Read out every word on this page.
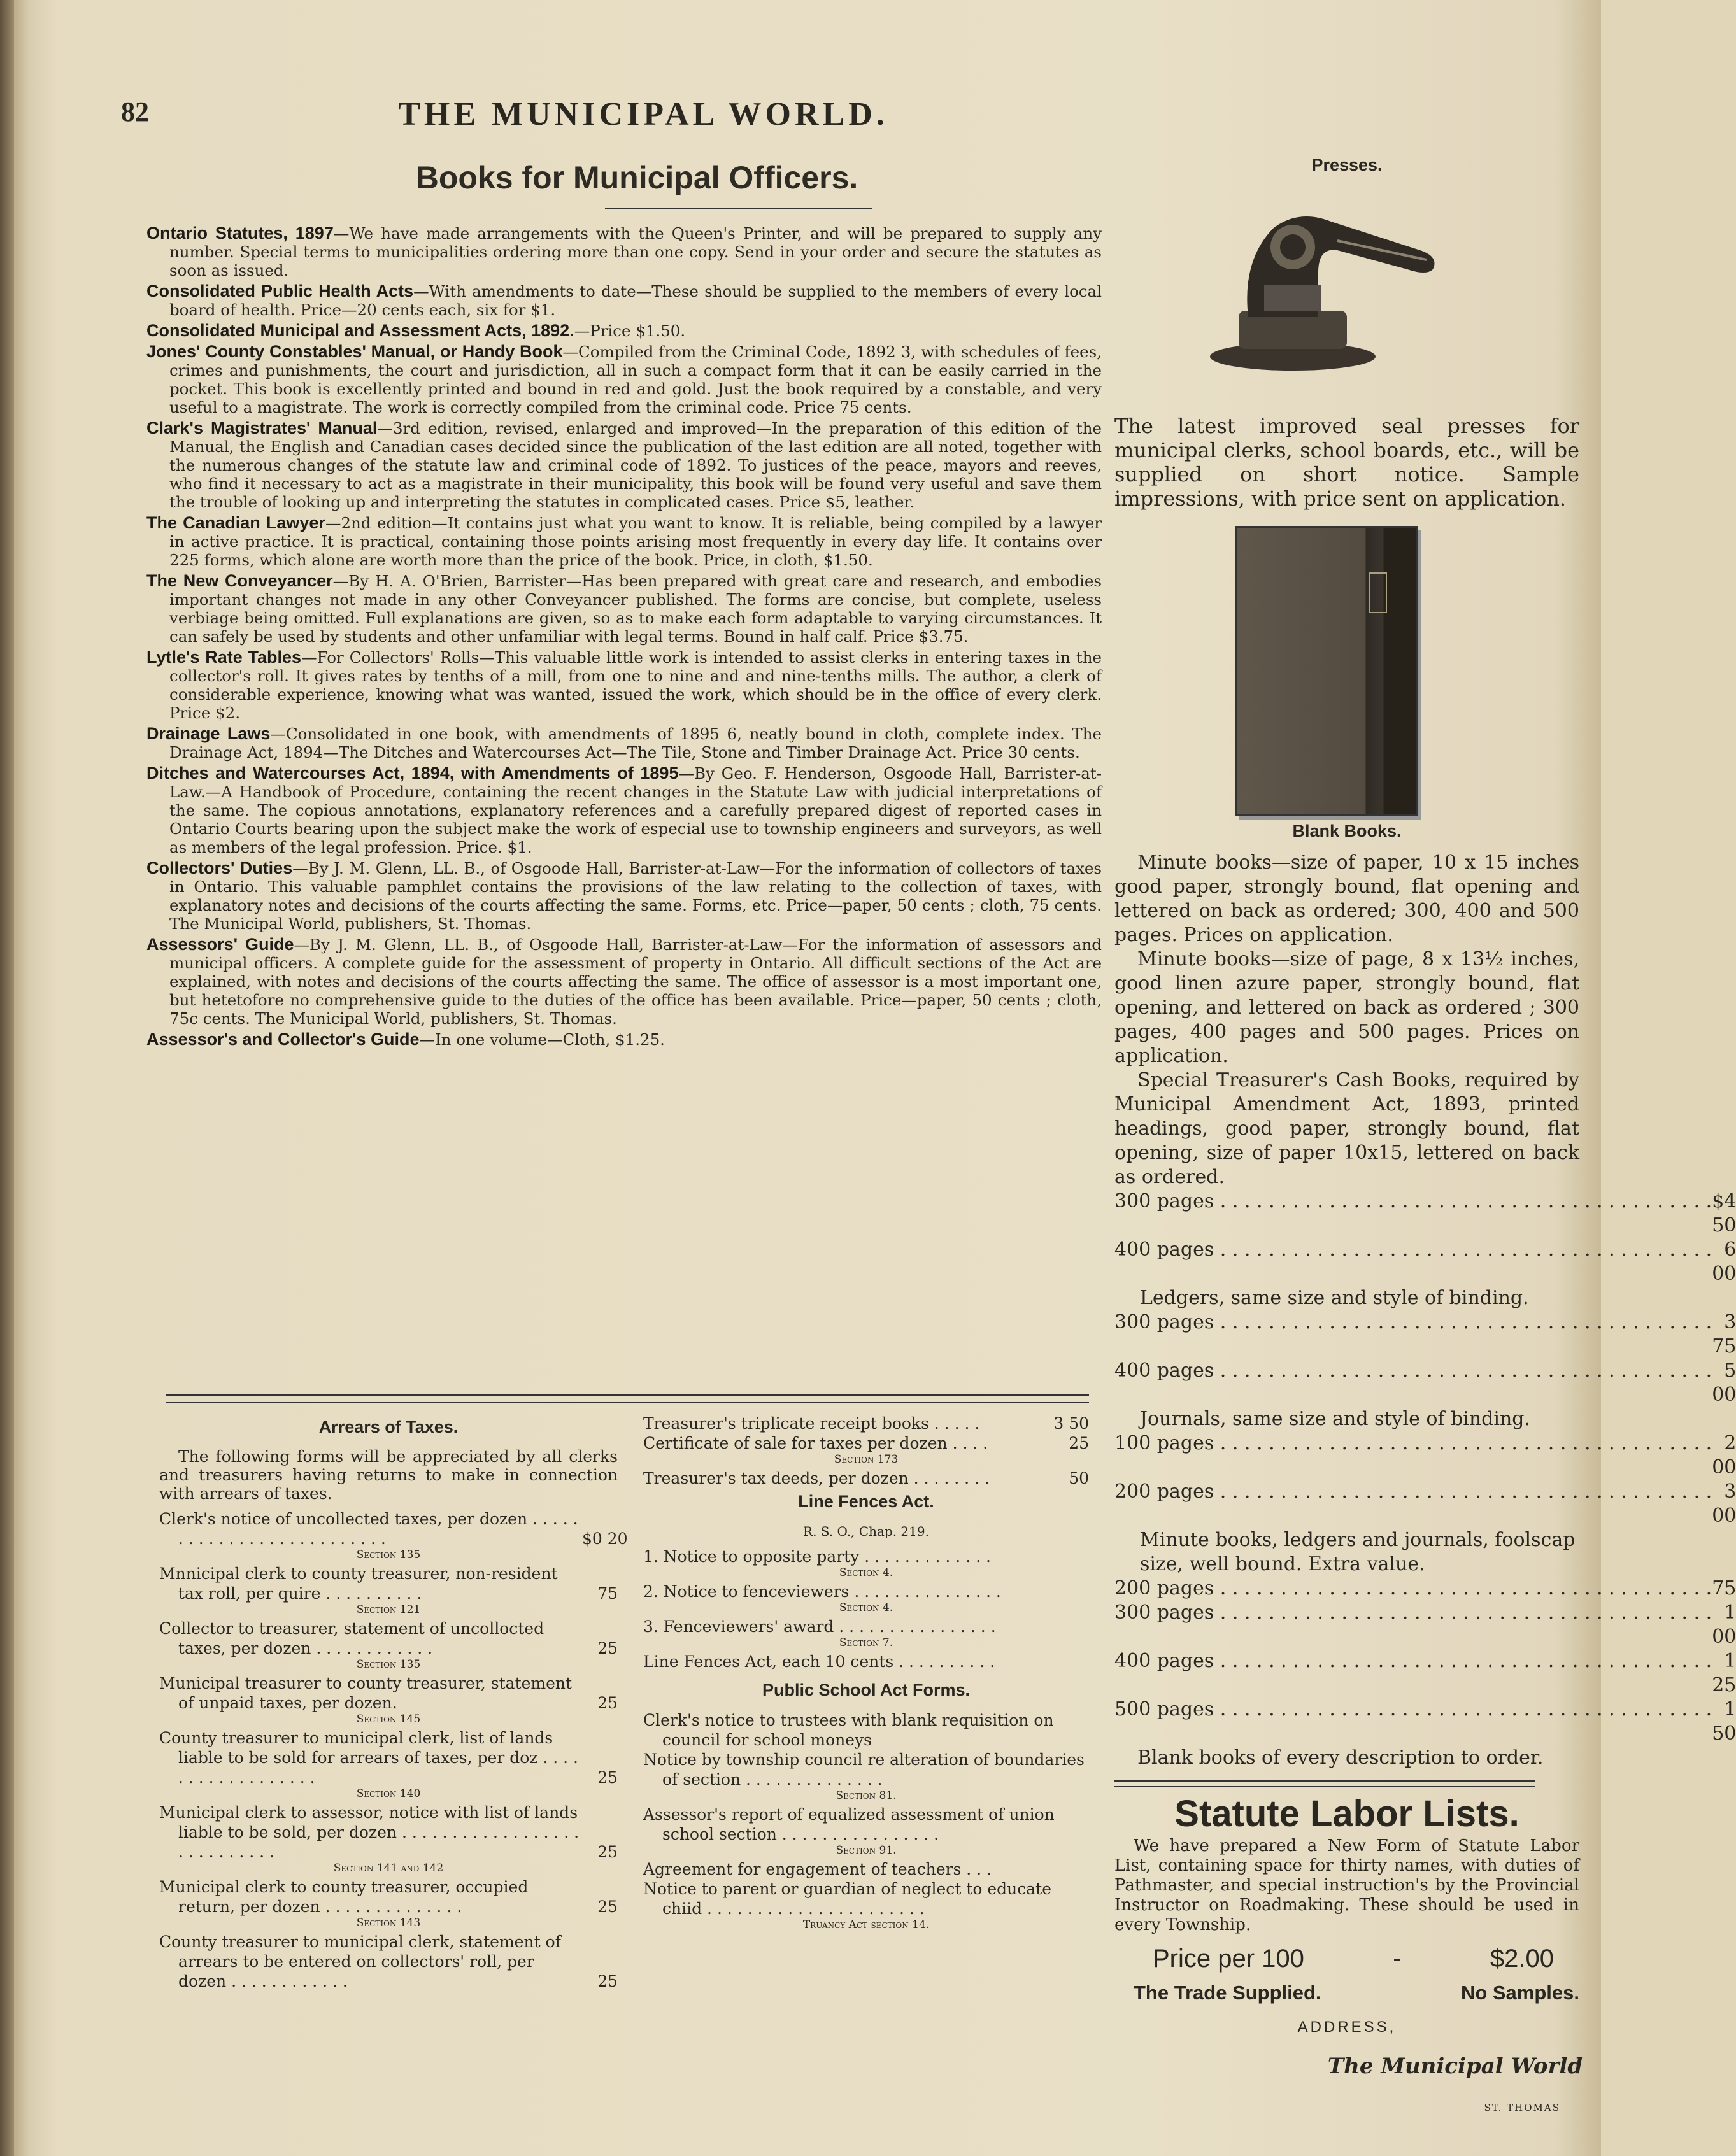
82	THE MUNICIPAL WORLD.
Books for Municipal Officers.
Ontario Statutes, 1897—We have made arrangements with the Queen's Printer, and will be prepared to supply any number. Special terms to municipalities ordering more than one copy. Send in your order and secure the statutes as soon as issued.
Consolidated Public Health Acts—With amendments to date—These should be supplied to the members of every local board of health. Price—20 cents each, six for $1.
Consolidated Municipal and Assessment Acts, 1892.—Price $1.50.
Jones' County Constables' Manual, or Handy Book—Compiled from the Criminal Code, 1892 3, with schedules of fees, crimes and punishments, the court and jurisdiction, all in such a compact form that it can be easily carried in the pocket. This book is excellently printed and bound in red and gold. Just the book required by a constable, and very useful to a magistrate. The work is correctly compiled from the criminal code. Price 75 cents.
Clark's Magistrates' Manual—3rd edition, revised, enlarged and improved—In the preparation of this edition of the Manual, the English and Canadian cases decided since the publication of the last edition are all noted, together with the numerous changes of the statute law and criminal code of 1892. To justices of the peace, mayors and reeves, who find it necessary to act as a magistrate in their municipality, this book will be found very useful and save them the trouble of looking up and interpreting the statutes in complicated cases. Price $5, leather.
The Canadian Lawyer—2nd edition—It contains just what you want to know. It is reliable, being compiled by a lawyer in active practice. It is practical, containing those points arising most frequently in every day life. It contains over 225 forms, which alone are worth more than the price of the book. Price, in cloth, $1.50.
The New Conveyancer—By H. A. O'Brien, Barrister—Has been prepared with great care and research, and embodies important changes not made in any other Conveyancer published. The forms are concise, but complete, useless verbiage being omitted. Full explanations are given, so as to make each form adaptable to varying circumstances. It can safely be used by students and other unfamiliar with legal terms. Bound in half calf. Price $3.75.
Lytle's Rate Tables—For Collectors' Rolls—This valuable little work is intended to assist clerks in entering taxes in the collector's roll. It gives rates by tenths of a mill, from one to nine and and nine-tenths mills. The author, a clerk of considerable experience, knowing what was wanted, issued the work, which should be in the office of every clerk. Price $2.
Drainage Laws—Consolidated in one book, with amendments of 1895 6, neatly bound in cloth, complete index. The Drainage Act, 1894—The Ditches and Watercourses Act—The Tile, Stone and Timber Drainage Act. Price 30 cents.
Ditches and Watercourses Act, 1894, with Amendments of 1895—By Geo. F. Henderson, Osgoode Hall, Barrister-at-Law.—A Handbook of Procedure, containing the recent changes in the Statute Law with judicial interpretations of the same. The copious annotations, explanatory references and a carefully prepared digest of reported cases in Ontario Courts bearing upon the subject make the work of especial use to township engineers and surveyors, as well as members of the legal profession. Price. $1.
Collectors' Duties—By J. M. Glenn, LL. B., of Osgoode Hall, Barrister-at-Law—For the information of collectors of taxes in Ontario. This valuable pamphlet contains the provisions of the law relating to the collection of taxes, with explanatory notes and decisions of the courts affecting the same. Forms, etc. Price—paper, 50 cents ; cloth, 75 cents. The Municipal World, publishers, St. Thomas.
Assessors' Guide—By J. M. Glenn, LL. B., of Osgoode Hall, Barrister-at-Law—For the information of assessors and municipal officers. A complete guide for the assessment of property in Ontario. All difficult sections of the Act are explained, with notes and decisions of the courts affecting the same. The office of assessor is a most important one, but hetetofore no comprehensive guide to the duties of the office has been available. Price—paper, 50 cents ; cloth, 75c cents. The Municipal World, publishers, St. Thomas.
Assessor's and Collector's Guide—In one volume—Cloth, $1.25.
Arrears of Taxes.

The following forms will be appreciated by all clerks and treasurers having returns to make in connection with arrears of taxes.

Clerk's notice of uncollected taxes, per dozen . . . . . . . . . . . . . . . . . . . . . . . . . .	$0 20
Section 135
Mnnicipal clerk to county treasurer, non-resident tax roll, per quire . . . . . . . . . .	75
Section 121
Collector to treasurer, statement of uncollocted taxes, per dozen . . . . . . . . . . . .	25
Section 135
Municipal treasurer to county treasurer, statement of unpaid taxes, per dozen.	25
Section 145
County treasurer to municipal clerk, list of lands liable to be sold for arrears of taxes, per doz . . . . . . . . . . . . . . . . . .	25
Section 140
Municipal clerk to assessor, notice with list of lands liable to be sold, per dozen . . . . . . . . . . . . . . . . . . . . . . . . . . . .	25
Section 141 and 142
Municipal clerk to county treasurer, occupied return, per dozen . . . . . . . . . . . . . .	25
Section 143
County treasurer to municipal clerk, statement of arrears to be entered on collectors' roll, per dozen . . . . . . . . . . . .	25
Treasurer's triplicate receipt books . . . . .	3 50
Certificate of sale for taxes per dozen . . . .	25
Section 173
Treasurer's tax deeds, per dozen . . . . . . . .	50
Line Fences Act.
R. S. O., Chap. 219.
1. Notice to opposite party . . . . . . . . . . . . .
Section 4.
2. Notice to fenceviewers . . . . . . . . . . . . . . .
Section 4.
3. Fenceviewers' award . . . . . . . . . . . . . . . .
Section 7.
Line Fences Act, each 10 cents . . . . . . . . . .
Public School Act Forms.
Clerk's notice to trustees with blank requisition on council for school moneys
Notice by township council re alteration of boundaries of section . . . . . . . . . . . . . .
Section 81.
Assessor's report of equalized assessment of union school section . . . . . . . . . . . . . . . .
Section 91.
Agreement for engagement of teachers . . .
Notice to parent or guardian of neglect to educate chiid . . . . . . . . . . . . . . . . . . . . . .
Truancy Act section 14.
Presses.

The latest improved seal presses for municipal clerks, school boards, etc., will be supplied on short notice. Sample impressions, with price sent on application.

Blank Books.

Minute books—size of paper, 10 x 15 inches good paper, strongly bound, flat opening and lettered on back as ordered; 300, 400 and 500 pages. Prices on application.

Minute books—size of page, 8 x 13½ inches, good linen azure paper, strongly bound, flat opening, and lettered on back as ordered ; 300 pages, 400 pages and 500 pages. Prices on application.

Special Treasurer's Cash Books, required by Municipal Amendment Act, 1893, printed headings, good paper, strongly bound, flat opening, size of paper 10x15, lettered on back as ordered.

300 pages . . .	$4 50
400 pages . . .	6 00

Ledgers, same size and style of binding.

300 pages . . .	3 75
400 pages . . .	5 00

Journals, same size and style of binding.

100 pages . . .	2 00
200 pages . . .	3 00

Minute books, ledgers and journals, foolscap size, well bound. Extra value.

200 pages . . .	75
300 pages . . .	1 00
400 pages . . .	1 25
500 pages . . .	1 50

Blank books of every description to order.

Statute Labor Lists.

We have prepared a New Form of Statute Labor List, containing space for thirty names, with duties of Pathmaster, and special instruction's by the Provincial Instructor on Roadmaking. These should be used in every Township.

Price per 100	-	$2.00
The Trade Supplied.	No Samples.
ADDRESS,
The Municipal World
ST. THOMAS
